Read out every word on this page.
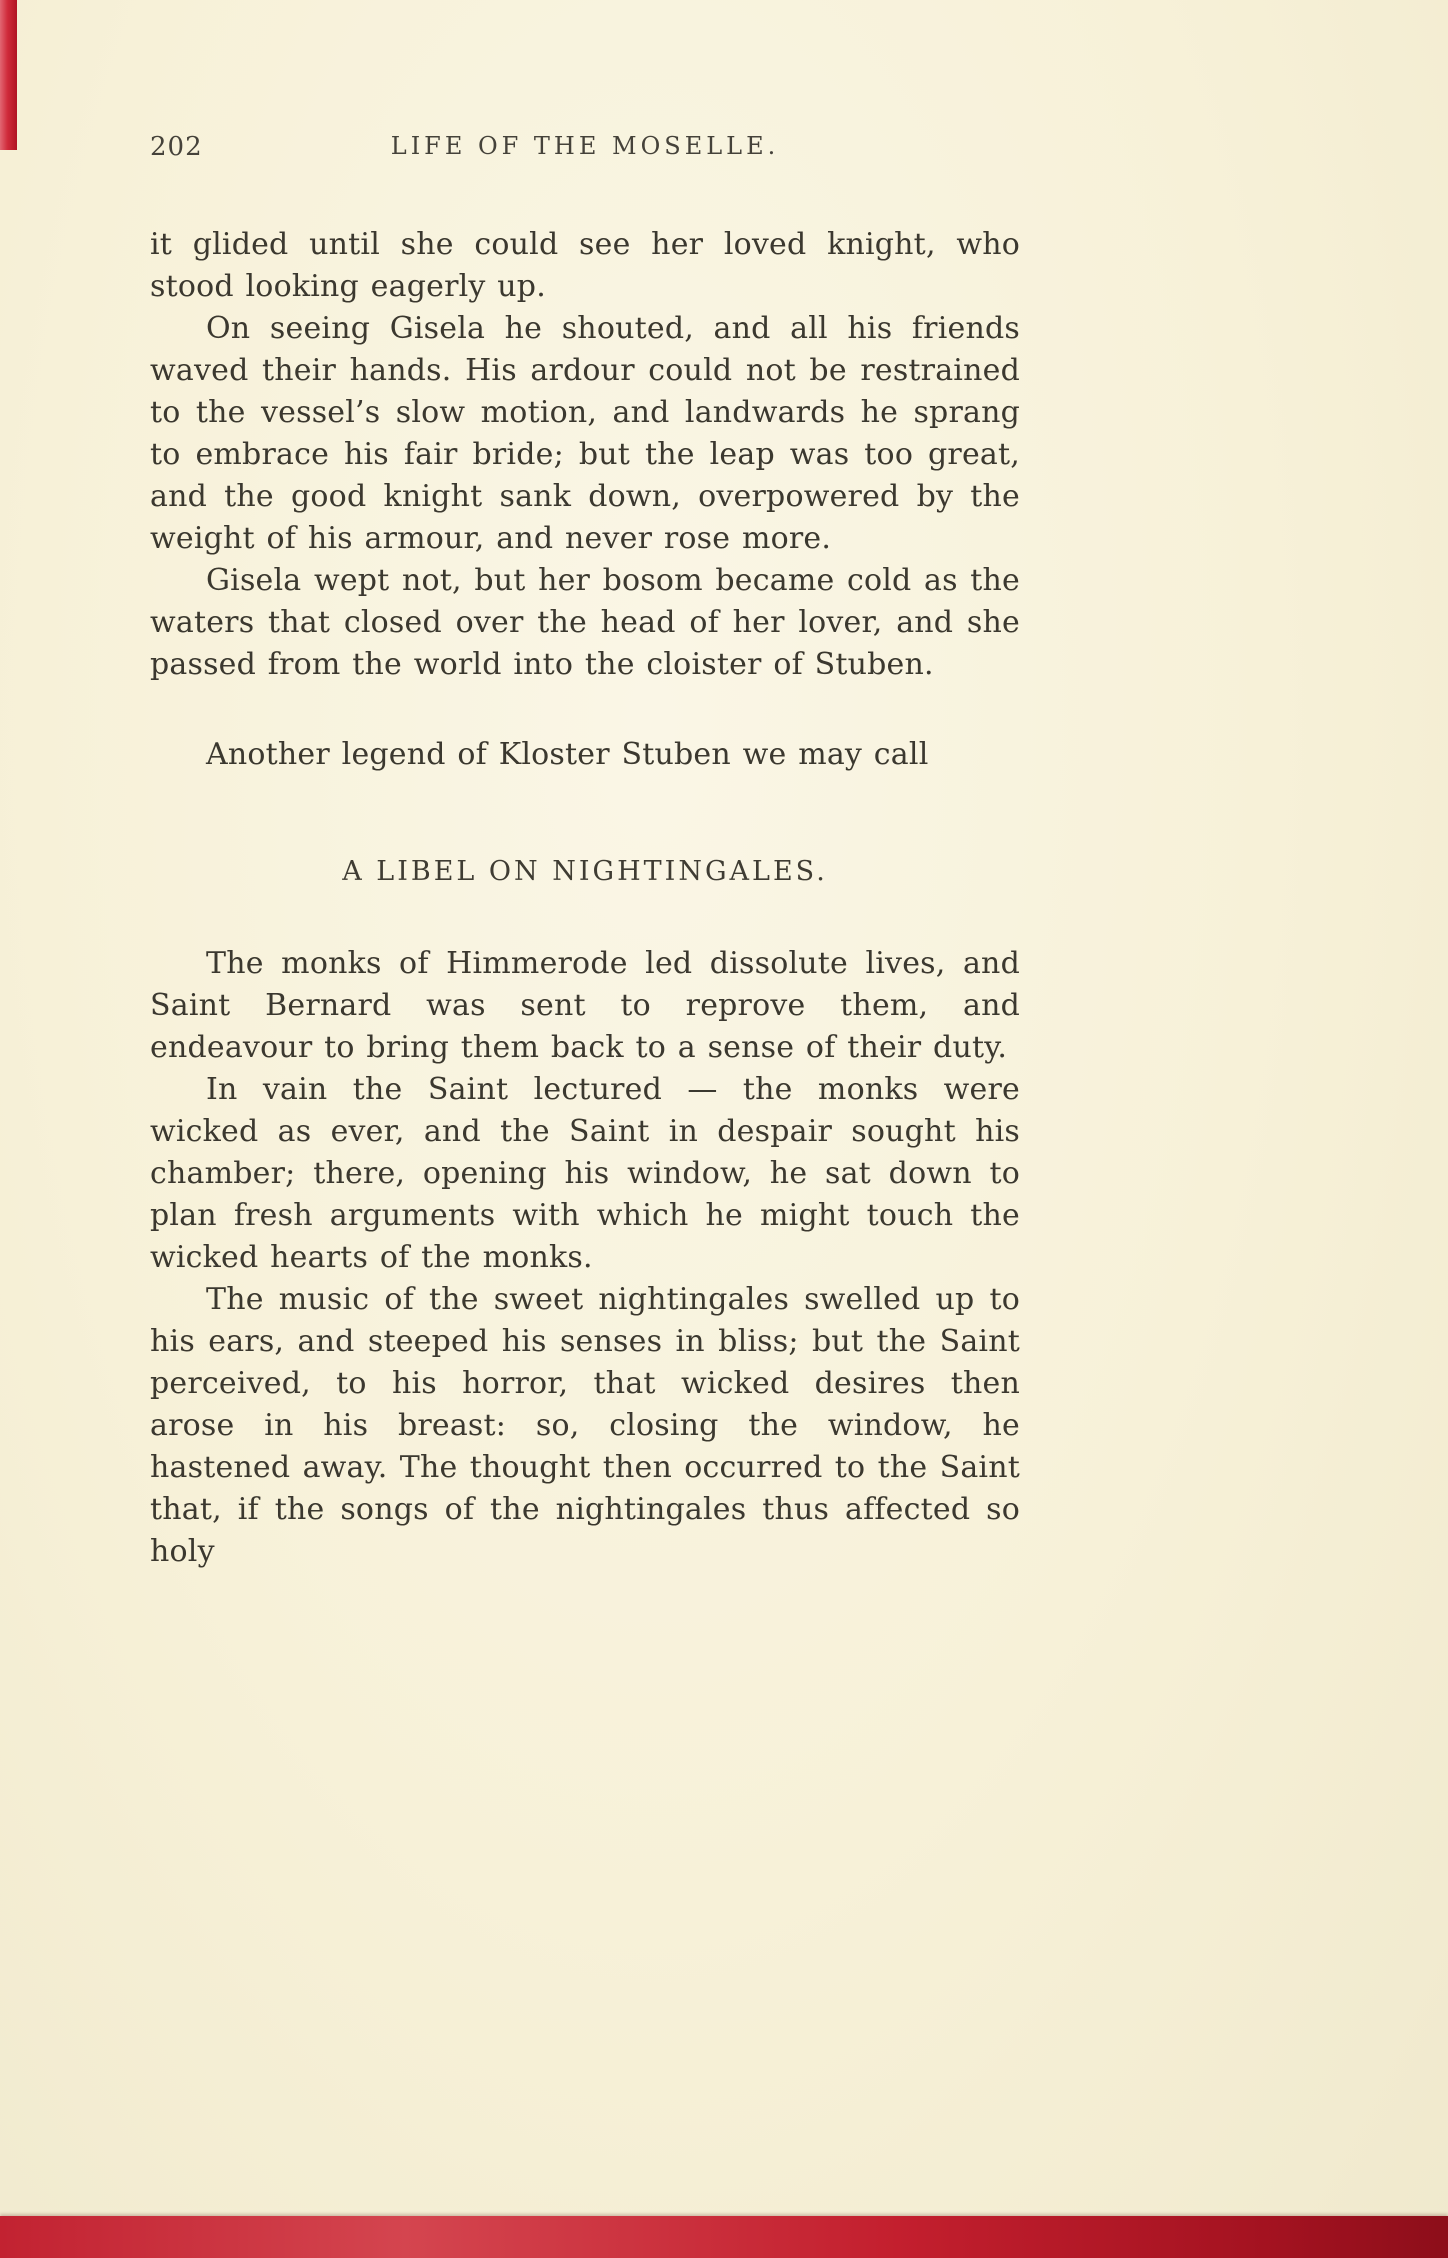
202	LIFE OF THE MOSELLE.

it glided until she could see her loved knight, who stood looking eagerly up.

On seeing Gisela he shouted, and all his friends waved their hands. His ardour could not be restrained to the vessel’s slow motion, and landwards he sprang to embrace his fair bride; but the leap was too great, and the good knight sank down, overpowered by the weight of his armour, and never rose more.

Gisela wept not, but her bosom became cold as the waters that closed over the head of her lover, and she passed from the world into the cloister of Stuben.

Another legend of Kloster Stuben we may call

A LIBEL ON NIGHTINGALES.

The monks of Himmerode led dissolute lives, and Saint Bernard was sent to reprove them, and endeavour to bring them back to a sense of their duty.

In vain the Saint lectured — the monks were wicked as ever, and the Saint in despair sought his chamber; there, opening his window, he sat down to plan fresh arguments with which he might touch the wicked hearts of the monks.

The music of the sweet nightingales swelled up to his ears, and steeped his senses in bliss; but the Saint perceived, to his horror, that wicked desires then arose in his breast: so, closing the window, he hastened away. The thought then occurred to the Saint that, if the songs of the nightingales thus affected so holy
